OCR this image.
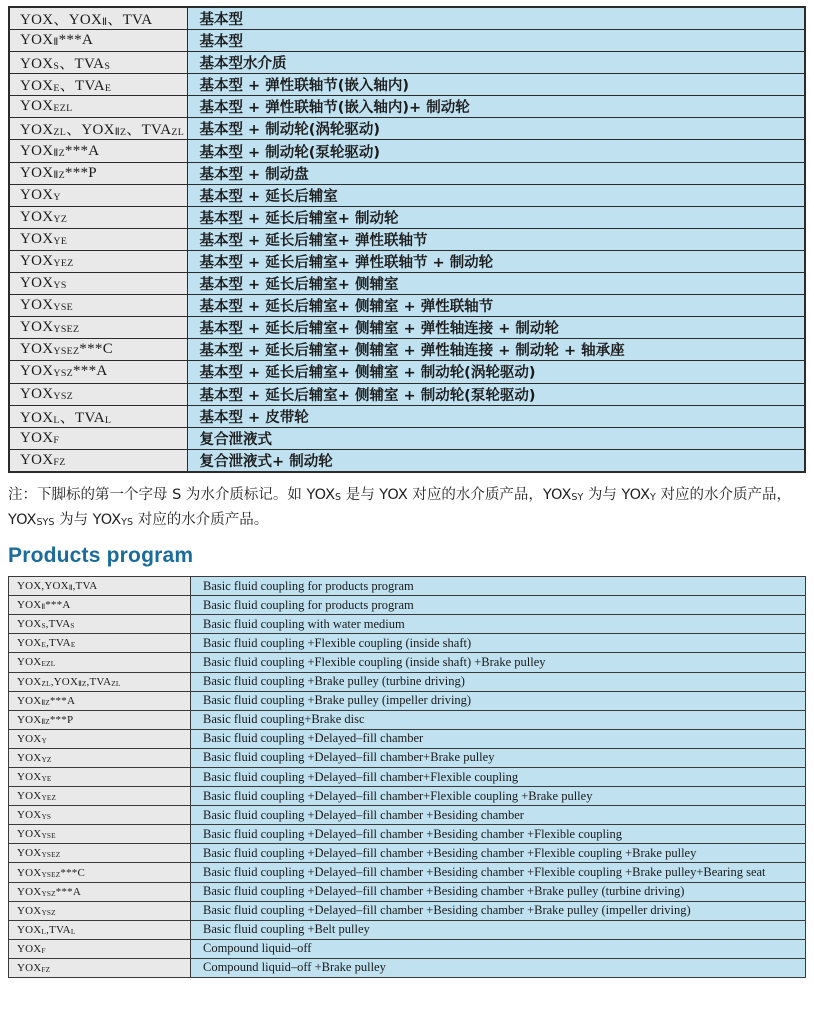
YOX、$YOX_Ⅱ$、TVA	基本型
$YOX_Ⅱ***A$	基本型
$YOX_S$、$TVA_S$	基本型水介质
$YOX_E$、$TVA_E$	基本型 + 弹性联轴节(嵌入轴内)
$YOX_{EZL}$	基本型 + 弹性联轴节(嵌入轴内)+ 制动轮
$YOX_{ZL}$、$YOX_{ⅡZ}$、$TVA_{ZL}$	基本型 + 制动轮(涡轮驱动)
$YOX_{ⅡZ}***A$	基本型 + 制动轮(泵轮驱动)
$YOX_{ⅡZ}***P$	基本型 + 制动盘
$YOX_Y$	基本型 + 延长后辅室
$YOX_{YZ}$	基本型 + 延长后辅室+ 制动轮
$YOX_{YE}$	基本型 + 延长后辅室+ 弹性联轴节
$YOX_{YEZ}$	基本型 + 延长后辅室+ 弹性联轴节 + 制动轮
$YOX_{YS}$	基本型 + 延长后辅室+ 侧辅室
$YOX_{YSE}$	基本型 + 延长后辅室+ 侧辅室 + 弹性联轴节
$YOX_{YSEZ}$	基本型 + 延长后辅室+ 侧辅室 + 弹性轴连接 + 制动轮
$YOX_{YSEZ}***C$	基本型 + 延长后辅室+ 侧辅室 + 弹性轴连接 + 制动轮 + 轴承座
$YOX_{YSZ}***A$	基本型 + 延长后辅室+ 侧辅室 + 制动轮(涡轮驱动)
$YOX_{YSZ}$	基本型 + 延长后辅室+ 侧辅室 + 制动轮(泵轮驱动)
$YOX_L$、$TVA_L$	基本型 + 皮带轮
$YOX_F$	复合泄液式
$YOX_{FZ}$	复合泄液式+ 制动轮
注：下脚标的第一个字母 S 为水介质标记。如 $YOX_S$ 是与 YOX 对应的水介质产品，$YOX_{SY}$ 为与 $YOX_Y$ 对应的水介质产品，$YOX_{SYS}$ 为与 $YOX_{YS}$ 对应的水介质产品。
Products program
$YOX,YOX_Ⅱ,TVA$	Basic fluid coupling for products program
$YOX_Ⅱ***A$	Basic fluid coupling for products program
$YOX_S,TVA_S$	Basic fluid coupling with water medium
$YOX_E,TVA_E$	Basic fluid coupling +Flexible coupling (inside shaft)
$YOX_{EZL}$	Basic fluid coupling +Flexible coupling (inside shaft) +Brake pulley
$YOX_{ZL},YOX_{ⅡZ},TVA_{ZL}$	Basic fluid coupling +Brake pulley (turbine driving)
$YOX_{ⅡZ}***A$	Basic fluid coupling +Brake pulley (impeller driving)
$YOX_{ⅡZ}***P$	Basic fluid coupling+Brake disc
$YOX_Y$	Basic fluid coupling +Delayed–fill chamber
$YOX_{YZ}$	Basic fluid coupling +Delayed–fill chamber+Brake pulley
$YOX_{YE}$	Basic fluid coupling +Delayed–fill chamber+Flexible coupling
$YOX_{YEZ}$	Basic fluid coupling +Delayed–fill chamber+Flexible coupling +Brake pulley
$YOX_{YS}$	Basic fluid coupling +Delayed–fill chamber +Besiding chamber
$YOX_{YSE}$	Basic fluid coupling +Delayed–fill chamber +Besiding chamber +Flexible coupling
$YOX_{YSEZ}$	Basic fluid coupling +Delayed–fill chamber +Besiding chamber +Flexible coupling +Brake pulley
$YOX_{YSEZ}***C$	Basic fluid coupling +Delayed–fill chamber +Besiding chamber +Flexible coupling +Brake pulley+Bearing seat
$YOX_{YSZ}***A$	Basic fluid coupling +Delayed–fill chamber +Besiding chamber +Brake pulley (turbine driving)
$YOX_{YSZ}$	Basic fluid coupling +Delayed–fill chamber +Besiding chamber +Brake pulley (impeller driving)
$YOX_L,TVA_L$	Basic fluid coupling +Belt pulley
$YOX_F$	Compound liquid–off
$YOX_{FZ}$	Compound liquid–off +Brake pulley
